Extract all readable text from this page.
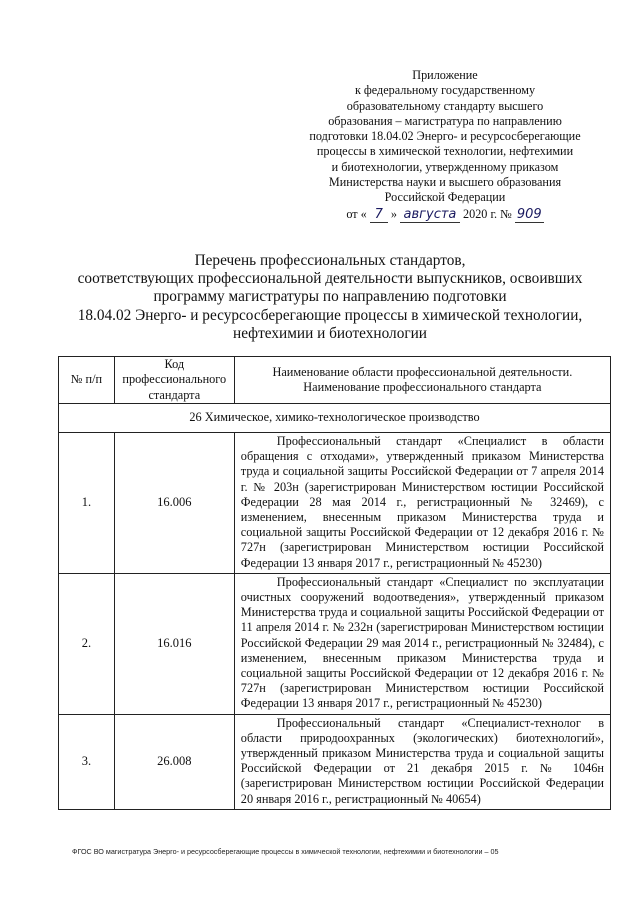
Приложение
к федеральному государственному
образовательному стандарту высшего
образования – магистратура по направлению
подготовки 18.04.02 Энерго- и ресурсосберегающие
процессы в химической технологии, нефтехимии
и биотехнологии, утвержденному приказом
Министерства науки и высшего образования
Российской Федерации
от « 7 » августа 2020 г. № 909
Перечень профессиональных стандартов,
соответствующих профессиональной деятельности выпускников, освоивших
программу магистратуры по направлению подготовки
18.04.02 Энерго- и ресурсосберегающие процессы в химической технологии,
нефтехимии и биотехнологии
№ п/п	Код профессионального стандарта	Наименование области профессиональной деятельности. Наименование профессионального стандарта
26 Химическое, химико-технологическое производство		
1.	16.006	Профессиональный стандарт «Специалист в области обращения с отходами», утвержденный приказом Министерства труда и социальной защиты Российской Федерации от 7 апреля 2014 г. № 203н (зарегистрирован Министерством юстиции Российской Федерации 28 мая 2014 г., регистрационный № 32469), с изменением, внесенным приказом Министерства труда и социальной защиты Российской Федерации от 12 декабря 2016 г. № 727н (зарегистрирован Министерством юстиции Российской Федерации 13 января 2017 г., регистрационный № 45230)
2.	16.016	Профессиональный стандарт «Специалист по эксплуатации очистных сооружений водоотведения», утвержденный приказом Министерства труда и социальной защиты Российской Федерации от 11 апреля 2014 г. № 232н (зарегистрирован Министерством юстиции Российской Федерации 29 мая 2014 г., регистрационный № 32484), с изменением, внесенным приказом Министерства труда и социальной защиты Российской Федерации от 12 декабря 2016 г. № 727н (зарегистрирован Министерством юстиции Российской Федерации 13 января 2017 г., регистрационный № 45230)
3.	26.008	Профессиональный стандарт «Специалист-технолог в области природоохранных (экологических) биотехнологий», утвержденный приказом Министерства труда и социальной защиты Российской Федерации от 21 декабря 2015 г. № 1046н (зарегистрирован Министерством юстиции Российской Федерации 20 января 2016 г., регистрационный № 40654)
ФГОС ВО магистратура Энерго- и ресурсосберегающие процессы в химической технологии, нефтехимии и биотехнологии – 05
